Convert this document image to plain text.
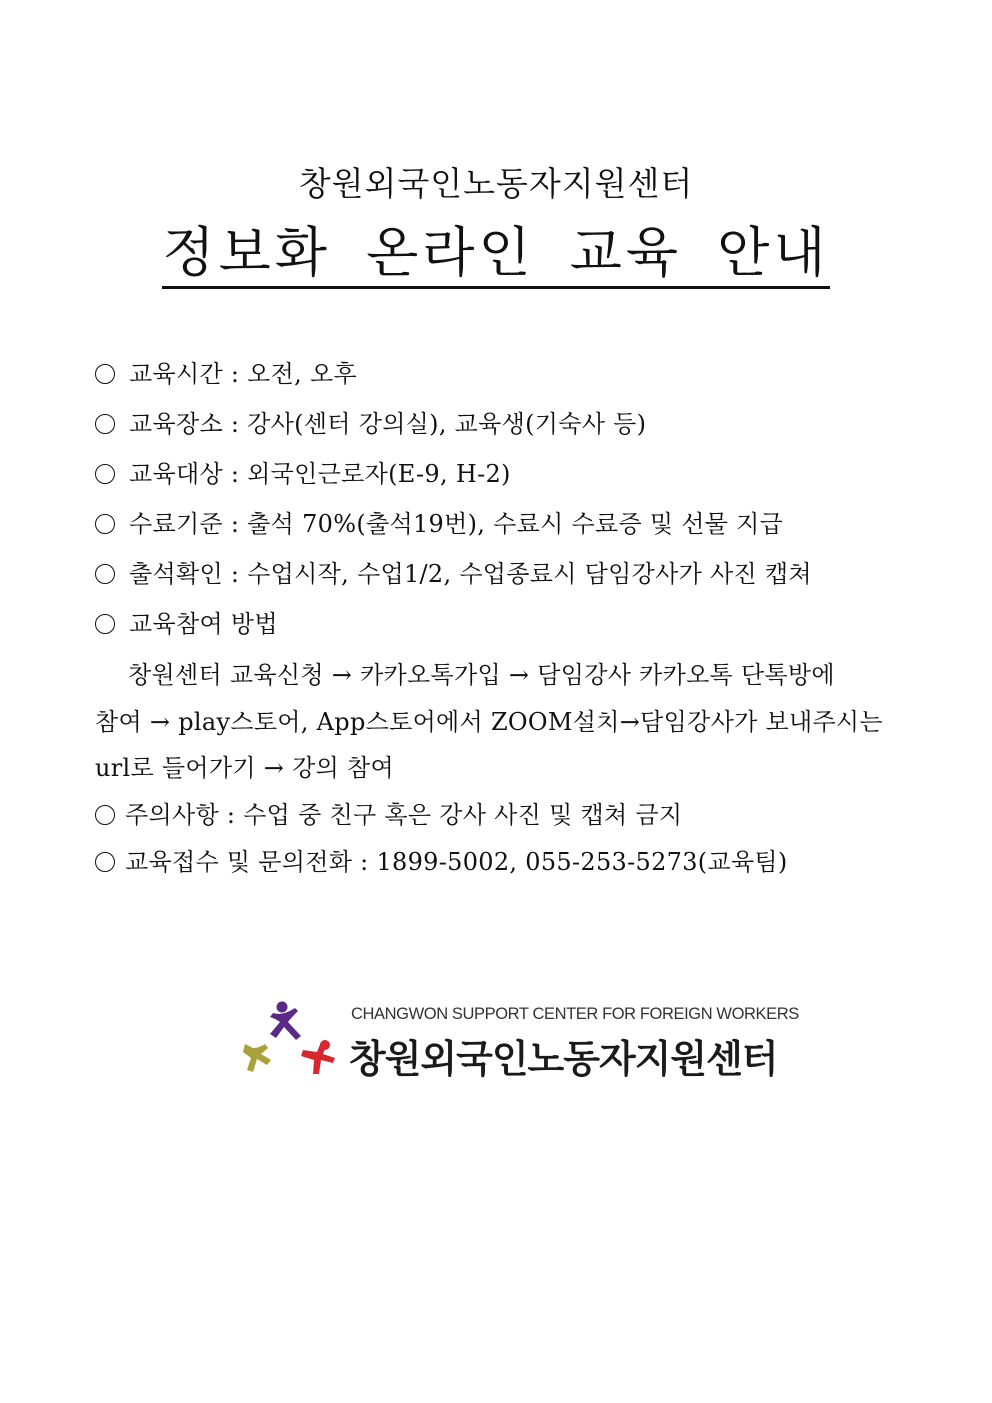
창원외국인노동자지원센터
정보화 온라인 교육 안내
교육시간 : 오전, 오후
교육장소 : 강사(센터 강의실), 교육생(기숙사 등)
교육대상 : 외국인근로자(E-9, H-2)
수료기준 : 출석 70%(출석19번), 수료시 수료증 및 선물 지급
출석확인 : 수업시작, 수업1/2, 수업종료시 담임강사가 사진 캡쳐
교육참여 방법
창원센터 교육신청 → 카카오톡가입 → 담임강사 카카오톡 단톡방에
참여 → play스토어, App스토어에서 ZOOM설치→담임강사가 보내주시는
url로 들어가기 → 강의 참여
주의사항 : 수업 중 친구 혹은 강사 사진 및 캡쳐 금지
교육접수 및 문의전화 : 1899-5002, 055-253-5273(교육팀)
CHANGWON SUPPORT CENTER FOR FOREIGN WORKERS
창원외국인노동자지원센터
